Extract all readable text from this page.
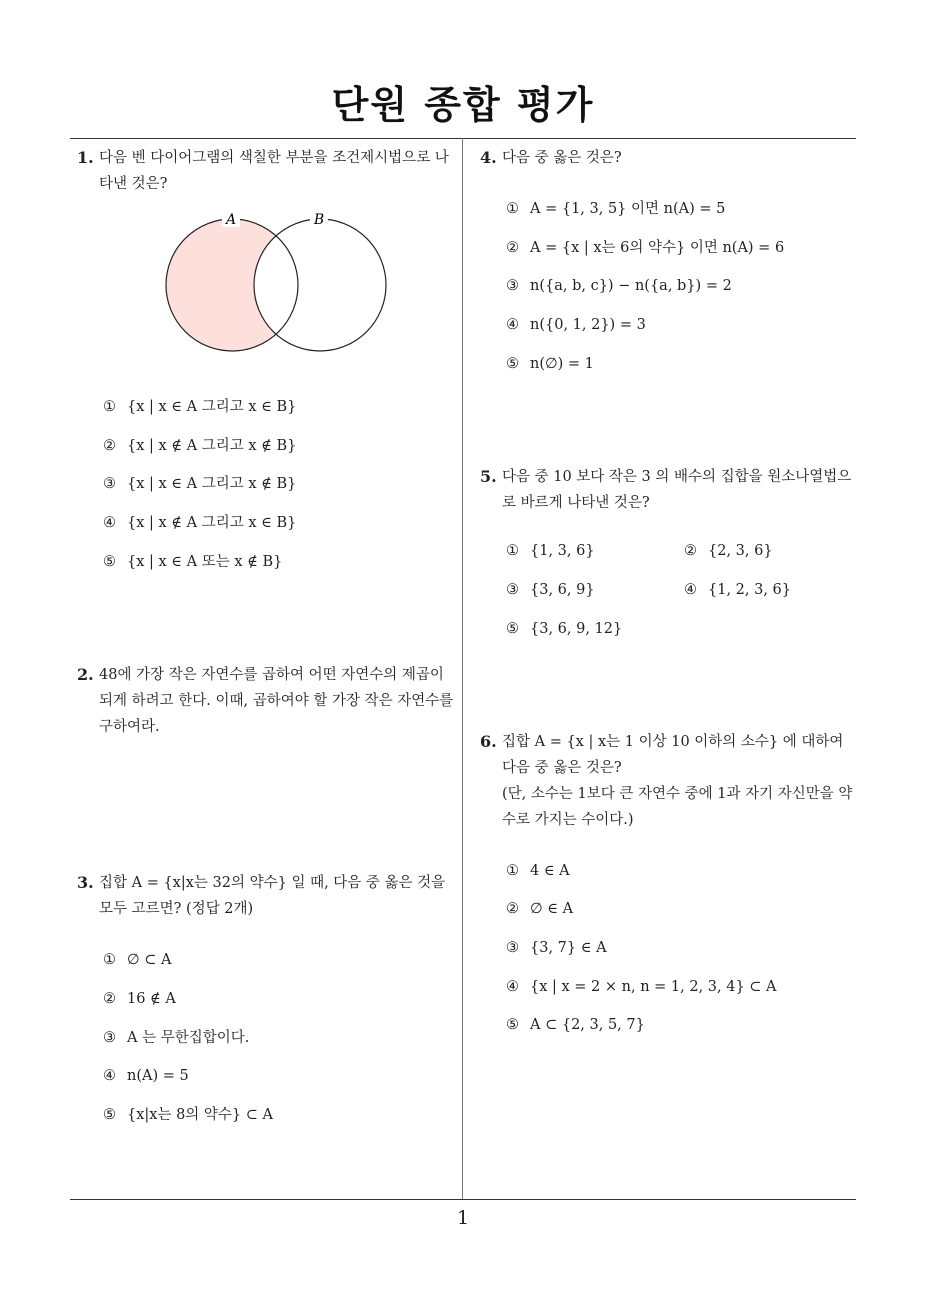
단원 종합 평가
1. 다음 벤 다이어그램의 색칠한 부분을 조건제시법으로 나타낸 것은?
A	B
① {x | x ∈ A 그리고 x ∈ B}
② {x | x ∉ A 그리고 x ∉ B}
③ {x | x ∈ A 그리고 x ∉ B}
④ {x | x ∉ A 그리고 x ∈ B}
⑤ {x | x ∈ A 또는 x ∉ B}
2. 48에 가장 작은 자연수를 곱하여 어떤 자연수의 제곱이 되게 하려고 한다. 이때, 곱하여야 할 가장 작은 자연수를 구하여라.
3. 집합 A = {x|x는 32의 약수} 일 때, 다음 중 옳은 것을 모두 고르면? (정답 2개)
① ∅ ⊂ A
② 16 ∉ A
③ A 는 무한집합이다.
④ n(A) = 5
⑤ {x|x는 8의 약수} ⊂ A
4. 다음 중 옳은 것은?
① A = {1, 3, 5} 이면 n(A) = 5
② A = {x | x는 6의 약수} 이면 n(A) = 6
③ n({a, b, c}) − n({a, b}) = 2
④ n({0, 1, 2}) = 3
⑤ n(∅) = 1
5. 다음 중 10 보다 작은 3 의 배수의 집합을 원소나열법으로 바르게 나타낸 것은?
① {1, 3, 6}	② {2, 3, 6}
③ {3, 6, 9}	④ {1, 2, 3, 6}
⑤ {3, 6, 9, 12}
6. 집합 A = {x | x는 1 이상 10 이하의 소수} 에 대하여 다음 중 옳은 것은?
(단, 소수는 1보다 큰 자연수 중에 1과 자기 자신만을 약수로 가지는 수이다.)
① 4 ∈ A
② ∅ ∈ A
③ {3, 7} ∈ A
④ {x | x = 2 × n, n = 1, 2, 3, 4} ⊂ A
⑤ A ⊂ {2, 3, 5, 7}
1
